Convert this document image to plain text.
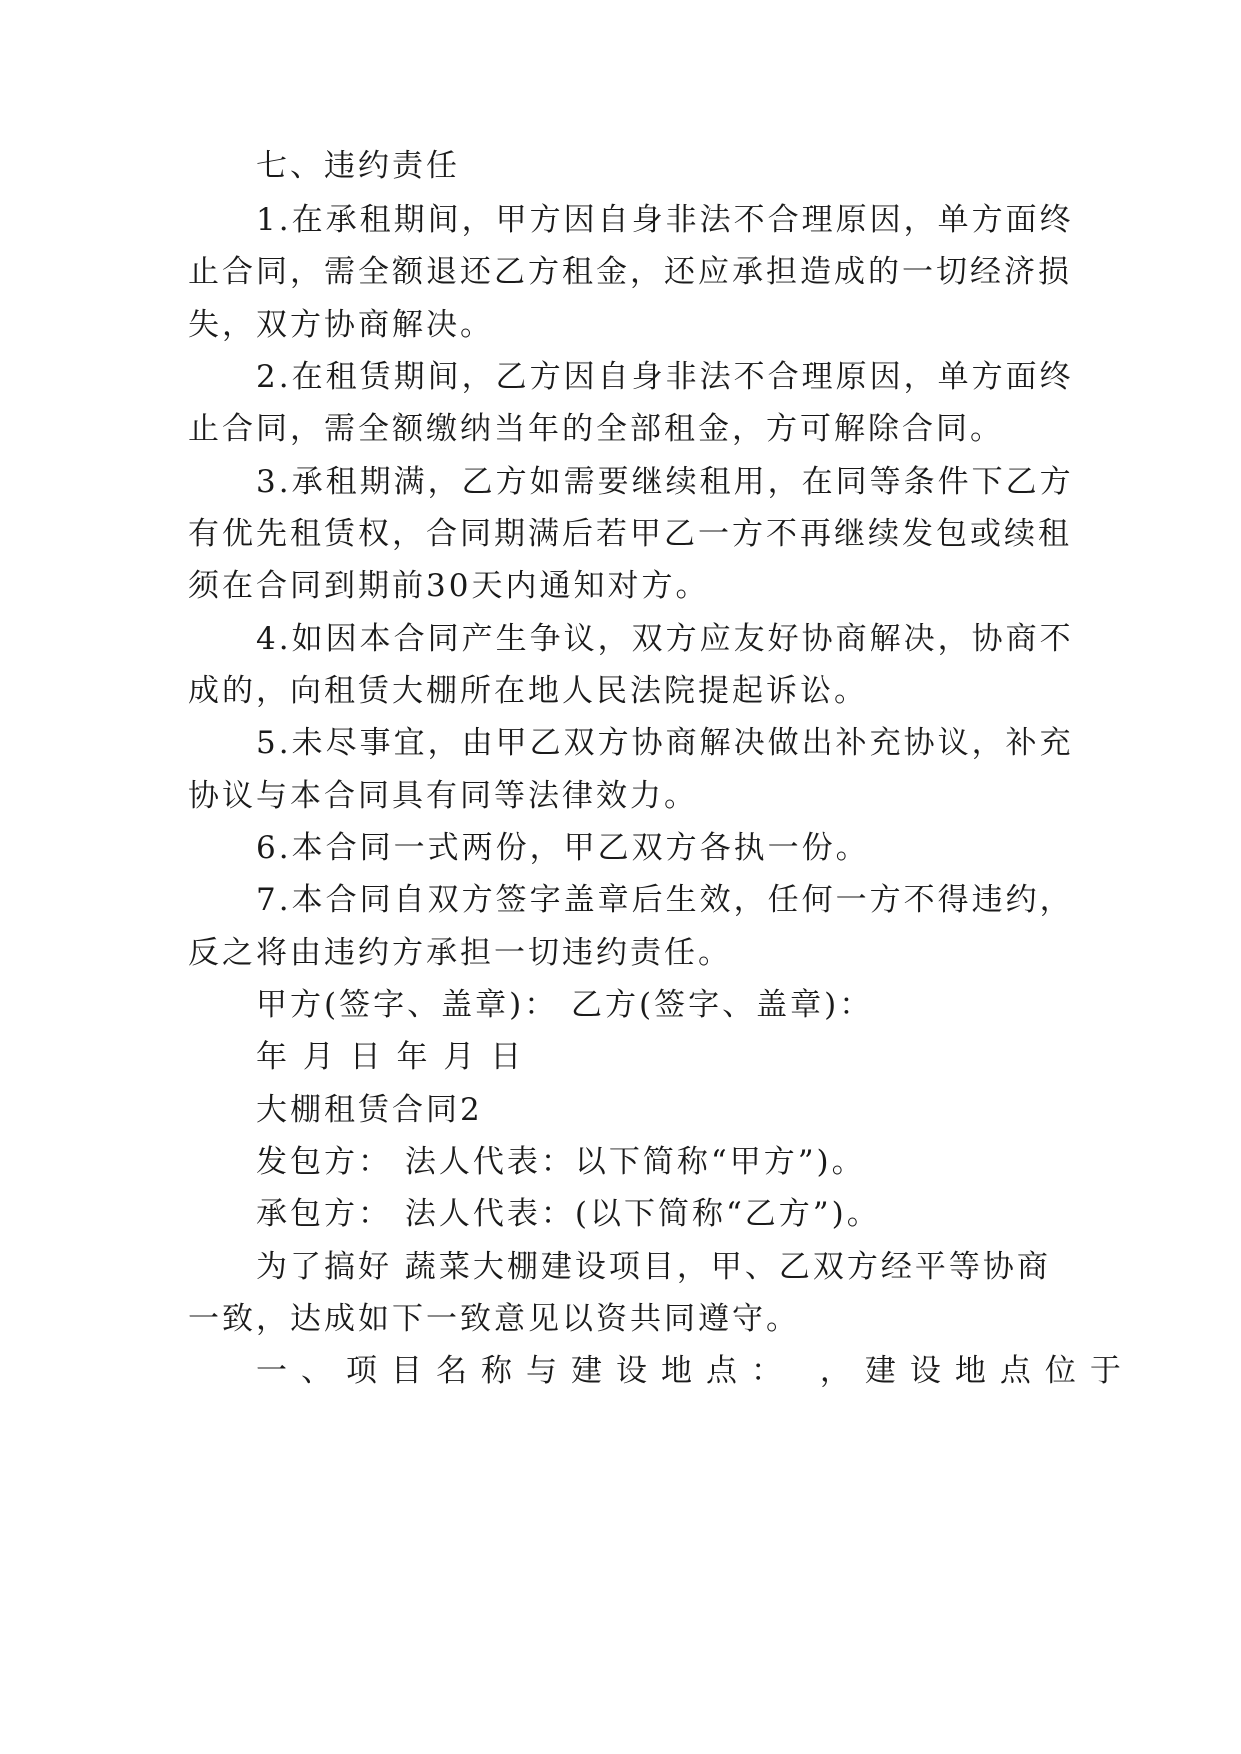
七、违约责任
1.在承租期间，甲方因自身非法不合理原因，单方面终
止合同，需全额退还乙方租金，还应承担造成的一切经济损
失，双方协商解决。
2.在租赁期间，乙方因自身非法不合理原因，单方面终
止合同，需全额缴纳当年的全部租金，方可解除合同。
3.承租期满，乙方如需要继续租用，在同等条件下乙方
有优先租赁权，合同期满后若甲乙一方不再继续发包或续租
须在合同到期前30天内通知对方。
4.如因本合同产生争议，双方应友好协商解决，协商不
成的，向租赁大棚所在地人民法院提起诉讼。
5.未尽事宜，由甲乙双方协商解决做出补充协议，补充
协议与本合同具有同等法律效力。
6.本合同一式两份，甲乙双方各执一份。
7.本合同自双方签字盖章后生效，任何一方不得违约，
反之将由违约方承担一切违约责任。
甲方(签字、盖章)： 乙方(签字、盖章)：
年 月 日 年 月 日
大棚租赁合同2
发包方： 法人代表：以下简称“甲方”)。
承包方： 法人代表：(以下简称“乙方”)。
为了搞好 蔬菜大棚建设项目，甲、乙双方经平等协商
一致，达成如下一致意见以资共同遵守。
一、项目名称与建设地点： ，建设地点位于
